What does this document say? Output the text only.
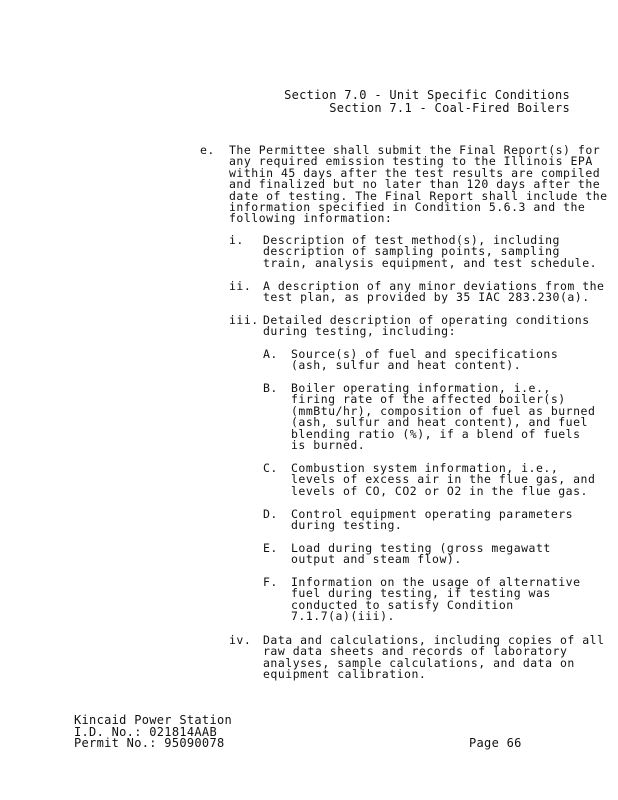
Section 7.0 - Unit Specific Conditions
Section 7.1 - Coal-Fired Boilers
e. The Permittee shall submit the Final Report(s) for
any required emission testing to the Illinois EPA
within 45 days after the test results are compiled
and finalized but no later than 120 days after the
date of testing. The Final Report shall include the
information specified in Condition 5.6.3 and the
following information:
i. Description of test method(s), including
description of sampling points, sampling
train, analysis equipment, and test schedule.
ii. A description of any minor deviations from the
test plan, as provided by 35 IAC 283.230(a).
iii. Detailed description of operating conditions
during testing, including:
A. Source(s) of fuel and specifications
(ash, sulfur and heat content).
B. Boiler operating information, i.e.,
firing rate of the affected boiler(s)
(mmBtu/hr), composition of fuel as burned
(ash, sulfur and heat content), and fuel
blending ratio (%), if a blend of fuels
is burned.
C. Combustion system information, i.e.,
levels of excess air in the flue gas, and
levels of CO, CO2 or O2 in the flue gas.
D. Control equipment operating parameters
during testing.
E. Load during testing (gross megawatt
output and steam flow).
F. Information on the usage of alternative
fuel during testing, if testing was
conducted to satisfy Condition
7.1.7(a)(iii).
iv. Data and calculations, including copies of all
raw data sheets and records of laboratory
analyses, sample calculations, and data on
equipment calibration.
Kincaid Power Station
I.D. No.: 021814AAB
Permit No.: 95090078	Page 66
